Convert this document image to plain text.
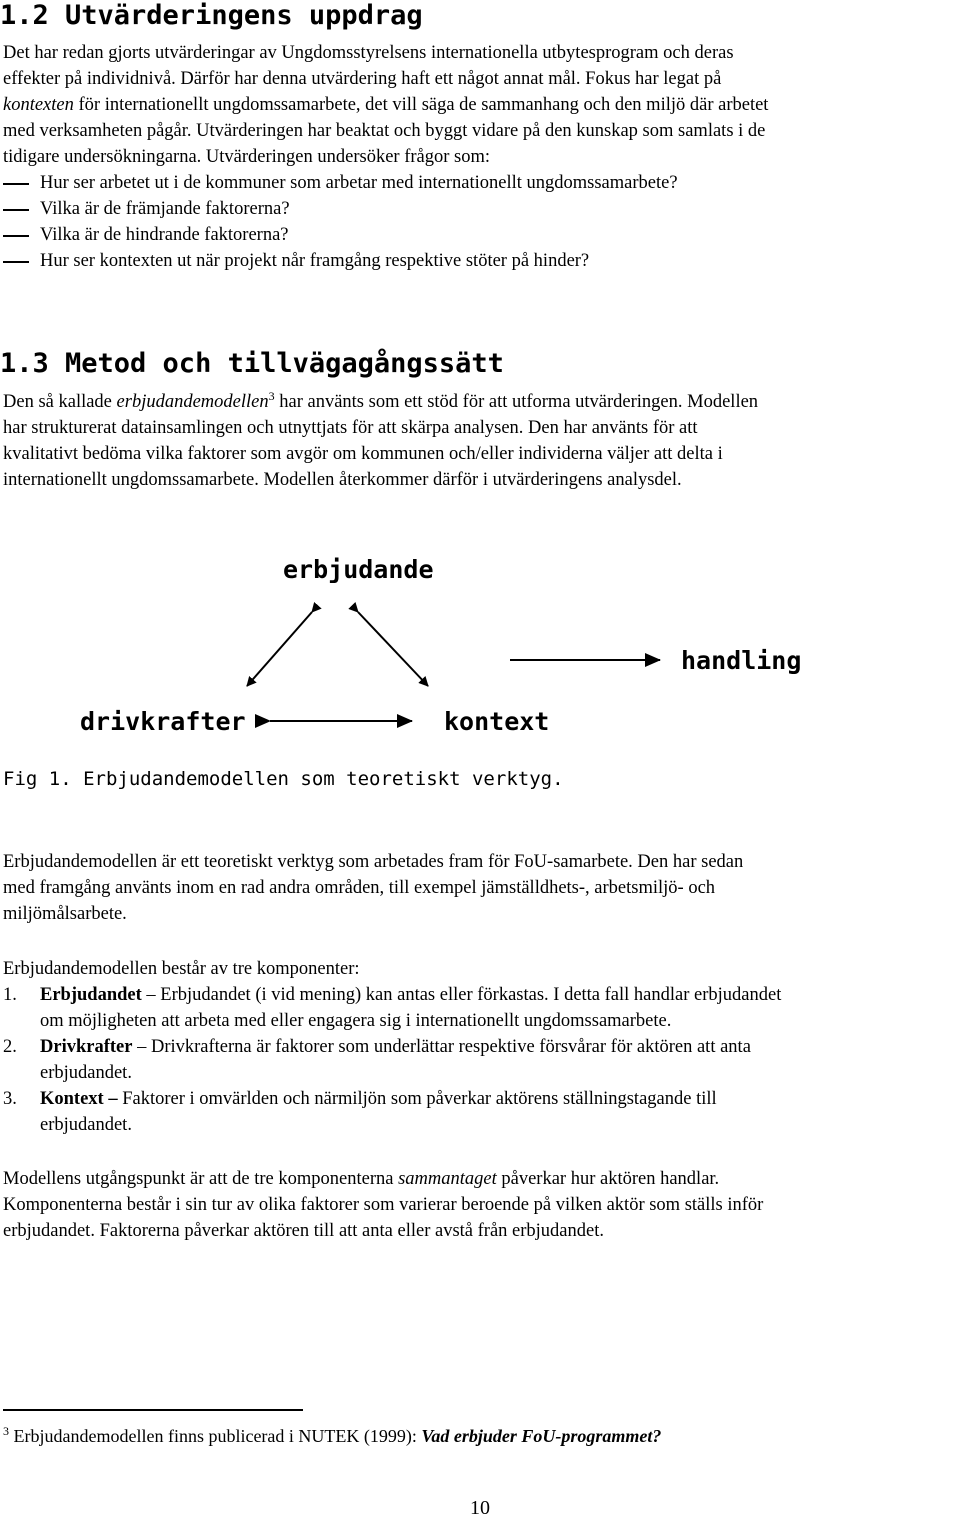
1.2 Utvärderingens uppdrag
Det har redan gjorts utvärderingar av Ungdomsstyrelsens internationella utbytesprogram och deras
effekter på individnivå. Därför har denna utvärdering haft ett något annat mål. Fokus har legat på
kontexten för internationellt ungdomssamarbete, det vill säga de sammanhang och den miljö där arbetet
med verksamheten pågår. Utvärderingen har beaktat och byggt vidare på den kunskap som samlats i de
tidigare undersökningarna. Utvärderingen undersöker frågor som:
Hur ser arbetet ut i de kommuner som arbetar med internationellt ungdomssamarbete?
Vilka är de främjande faktorerna?
Vilka är de hindrande faktorerna?
Hur ser kontexten ut när projekt når framgång respektive stöter på hinder?
1.3 Metod och tillvägagångssätt
Den så kallade erbjudandemodellen$^3$ har använts som ett stöd för att utforma utvärderingen. Modellen
har strukturerat datainsamlingen och utnyttjats för att skärpa analysen. Den har använts för att
kvalitativt bedöma vilka faktorer som avgör om kommunen och/eller individerna väljer att delta i
internationellt ungdomssamarbete. Modellen återkommer därför i utvärderingens analysdel.
erbjudande
handling
drivkrafter	kontext
Fig 1. Erbjudandemodellen som teoretiskt verktyg.
Erbjudandemodellen är ett teoretiskt verktyg som arbetades fram för FoU-samarbete. Den har sedan
med framgång använts inom en rad andra områden, till exempel jämställdhets-, arbetsmiljö- och
miljömålsarbete.
Erbjudandemodellen består av tre komponenter:
1. Erbjudandet – Erbjudandet (i vid mening) kan antas eller förkastas. I detta fall handlar erbjudandet
om möjligheten att arbeta med eller engagera sig i internationellt ungdomssamarbete.
2. Drivkrafter – Drivkrafterna är faktorer som underlättar respektive försvårar för aktören att anta
erbjudandet.
3. Kontext – Faktorer i omvärlden och närmiljön som påverkar aktörens ställningstagande till
erbjudandet.
Modellens utgångspunkt är att de tre komponenterna sammantaget påverkar hur aktören handlar.
Komponenterna består i sin tur av olika faktorer som varierar beroende på vilken aktör som ställs inför
erbjudandet. Faktorerna påverkar aktören till att anta eller avstå från erbjudandet.
$^3$ Erbjudandemodellen finns publicerad i NUTEK (1999): Vad erbjuder FoU-programmet?
10
